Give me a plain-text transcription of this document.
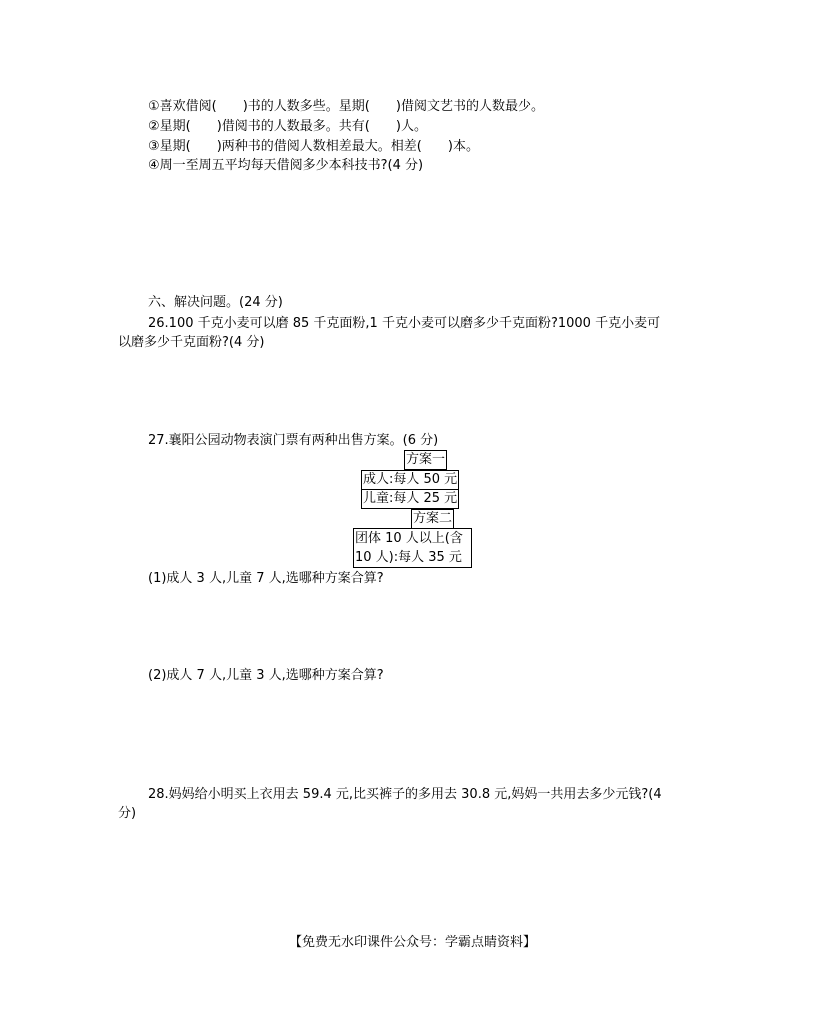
①喜欢借阅(　　)书的人数多些。星期(　　)借阅文艺书的人数最少。
②星期(　　)借阅书的人数最多。共有(　　)人。
③星期(　　)两种书的借阅人数相差最大。相差(　　)本。
④周一至周五平均每天借阅多少本科技书?(4 分)
六、解决问题。(24 分)
26.100 千克小麦可以磨 85 千克面粉,1 千克小麦可以磨多少千克面粉?1000 千克小麦可
以磨多少千克面粉?(4 分)
27.襄阳公园动物表演门票有两种出售方案。(6 分)
方案一
成人:每人 50 元
儿童:每人 25 元
方案二
团体 10 人以上(含
10 人):每人 35 元
(1)成人 3 人,儿童 7 人,选哪种方案合算?
(2)成人 7 人,儿童 3 人,选哪种方案合算?
28.妈妈给小明买上衣用去 59.4 元,比买裤子的多用去 30.8 元,妈妈一共用去多少元钱?(4
分)
【免费无水印课件公众号：学霸点睛资料】
